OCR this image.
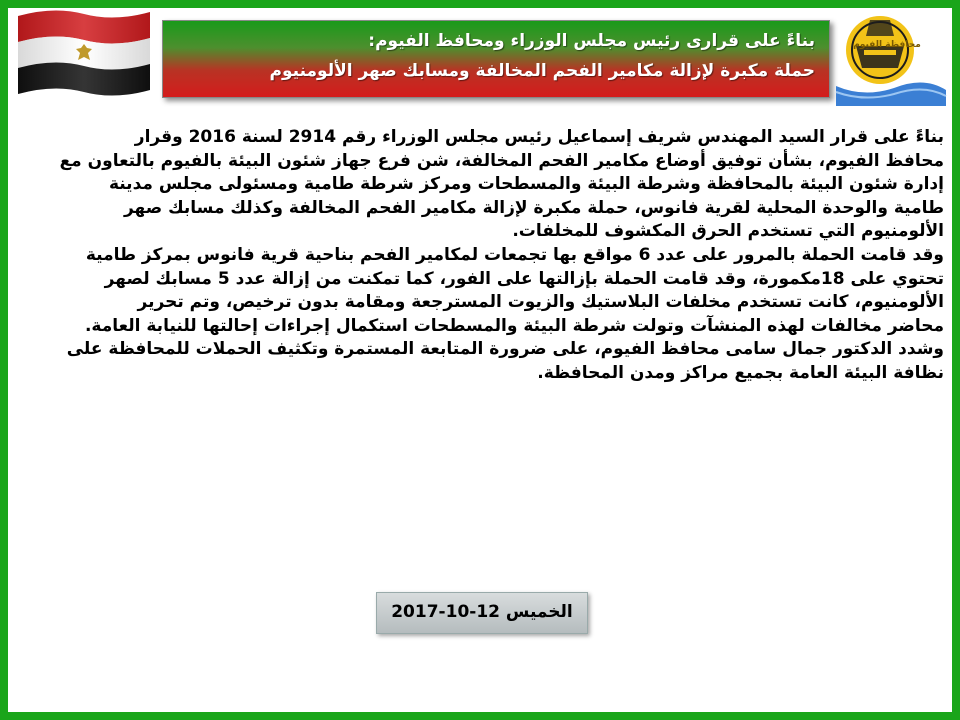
بناءً على قرارى رئيس مجلس الوزراء ومحافظ الفيوم:
حملة مكبرة لإزالة مكامير الفحم المخالفة ومسابك صهر الألومنيوم
محافظة الفيوم
بناءً على قرار السيد المهندس شريف إسماعيل رئيس مجلس الوزراء رقم 2914 لسنة 2016 وقرار
محافظ الفيوم، بشأن توفيق أوضاع مكامير الفحم المخالفة، شن فرع جهاز شئون البيئة بالفيوم بالتعاون مع
إدارة شئون البيئة بالمحافظة وشرطة البيئة والمسطحات ومركز شرطة طامية ومسئولى مجلس مدينة
طامية والوحدة المحلية لقرية فانوس، حملة مكبرة لإزالة مكامير الفحم المخالفة وكذلك مسابك صهر
الألومنيوم التي تستخدم الحرق المكشوف للمخلفات.
وقد قامت الحملة بالمرور على عدد 6 مواقع بها تجمعات لمكامير الفحم بناحية قرية فانوس بمركز طامية
تحتوي على 18مكمورة، وقد قامت الحملة بإزالتها على الفور، كما تمكنت من إزالة عدد 5 مسابك لصهر
الألومنيوم، كانت تستخدم مخلفات البلاستيك والزيوت المسترجعة ومقامة بدون ترخيص، وتم تحرير
محاضر مخالفات لهذه المنشآت وتولت شرطة البيئة والمسطحات استكمال إجراءات إحالتها للنيابة العامة.
وشدد الدكتور جمال سامى محافظ الفيوم، على ضرورة المتابعة المستمرة وتكثيف الحملات للمحافظة على
نظافة البيئة العامة بجميع مراكز ومدن المحافظة.
الخميس 12-10-2017
